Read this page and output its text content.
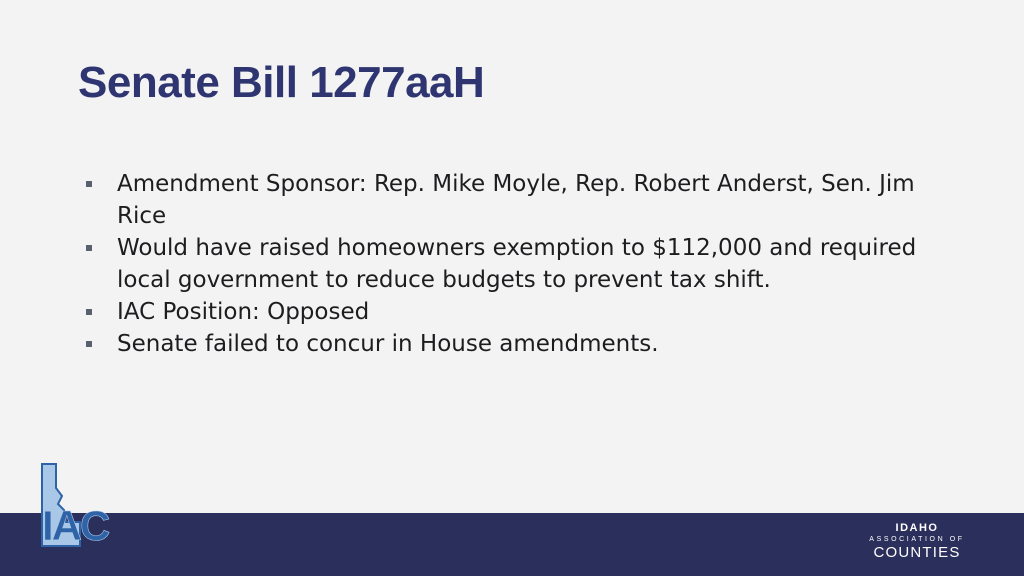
Senate Bill 1277aaH
Amendment Sponsor: Rep. Mike Moyle, Rep. Robert Anderst, Sen. Jim Rice
Would have raised homeowners exemption to $112,000 and required local government to reduce budgets to prevent tax shift.
IAC Position: Opposed
Senate failed to concur in House amendments.
IAC	IDAHO
ASSOCIATION OF
COUNTIES
